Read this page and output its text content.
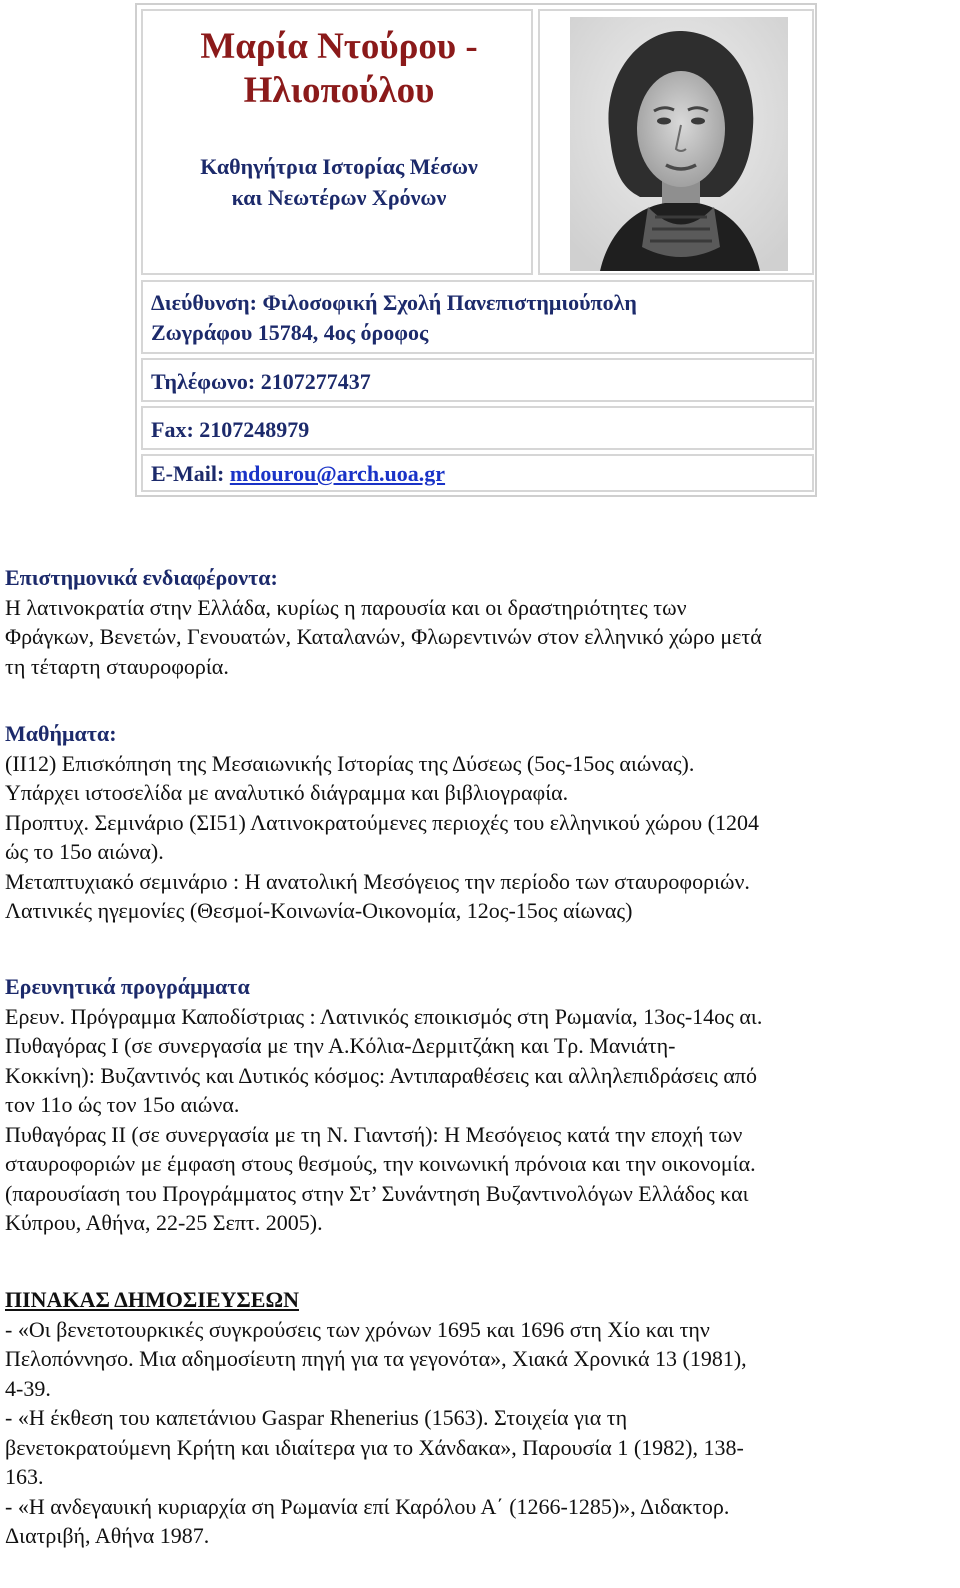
Μαρία Ντούρου -
Ηλιοπούλου
Καθηγήτρια Ιστορίας Μέσων
και Νεωτέρων Χρόνων
Διεύθυνση: Φιλοσοφική Σχολή Πανεπιστημιούπολη
Ζωγράφου 15784, 4ος όροφος
Τηλέφωνο: 2107277437
Fax: 2107248979
E-Mail: mdourou@arch.uoa.gr
Επιστημονικά ενδιαφέροντα:
Η λατινοκρατία στην Ελλάδα, κυρίως η παρουσία και οι δραστηριότητες των
Φράγκων, Βενετών, Γενουατών, Καταλανών, Φλωρεντινών στον ελληνικό χώρο μετά
τη τέταρτη σταυροφορία.
Μαθήματα:
(ΙΙ12) Επισκόπηση της Μεσαιωνικής Ιστορίας της Δύσεως (5ος-15ος αιώνας).
Υπάρχει ιστοσελίδα με αναλυτικό διάγραμμα και βιβλιογραφία.
Προπτυχ. Σεμινάριο (ΣΙ51) Λατινοκρατούμενες περιοχές του ελληνικού χώρου (1204
ώς το 15ο αιώνα).
Μεταπτυχιακό σεμινάριο : Η ανατολική Μεσόγειος την περίοδο των σταυροφοριών.
Λατινικές ηγεμονίες (Θεσμοί-Κοινωνία-Οικονομία, 12ος-15ος αίωνας)
Ερευνητικά προγράμματα
Ερευν. Πρόγραμμα Καποδίστριας : Λατινικός εποικισμός στη Ρωμανία, 13ος-14ος αι.
Πυθαγόρας Ι (σε συνεργασία με την Α.Κόλια-Δερμιτζάκη και Τρ. Μανιάτη-
Κοκκίνη): Βυζαντινός και Δυτικός κόσμος: Αντιπαραθέσεις και αλληλεπιδράσεις από
τον 11ο ώς τον 15ο αιώνα.
Πυθαγόρας ΙΙ (σε συνεργασία με τη Ν. Γιαντσή): Η Μεσόγειος κατά την εποχή των
σταυροφοριών με έμφαση στους θεσμούς, την κοινωνική πρόνοια και την οικονομία.
(παρουσίαση του Προγράμματος στην Στ’ Συνάντηση Βυζαντινολόγων Ελλάδος και
Κύπρου, Αθήνα, 22-25 Σεπτ. 2005).
ΠΙΝΑΚΑΣ ΔΗΜΟΣΙΕΥΣΕΩΝ
- «Οι βενετοτουρκικές συγκρούσεις των χρόνων 1695 και 1696 στη Χίο και την
Πελοπόννησο. Μια αδημοσίευτη πηγή για τα γεγονότα», Χιακά Χρονικά 13 (1981),
4-39.
- «Η έκθεση του καπετάνιου Gaspar Rhenerius (1563). Στοιχεία για τη
βενετοκρατούμενη Κρήτη και ιδιαίτερα για το Χάνδακα», Παρουσία 1 (1982), 138-
163.
- «Η ανδεγαυική κυριαρχία ση Ρωμανία επί Καρόλου Α΄ (1266-1285)», Διδακτορ.
Διατριβή, Αθήνα 1987.
